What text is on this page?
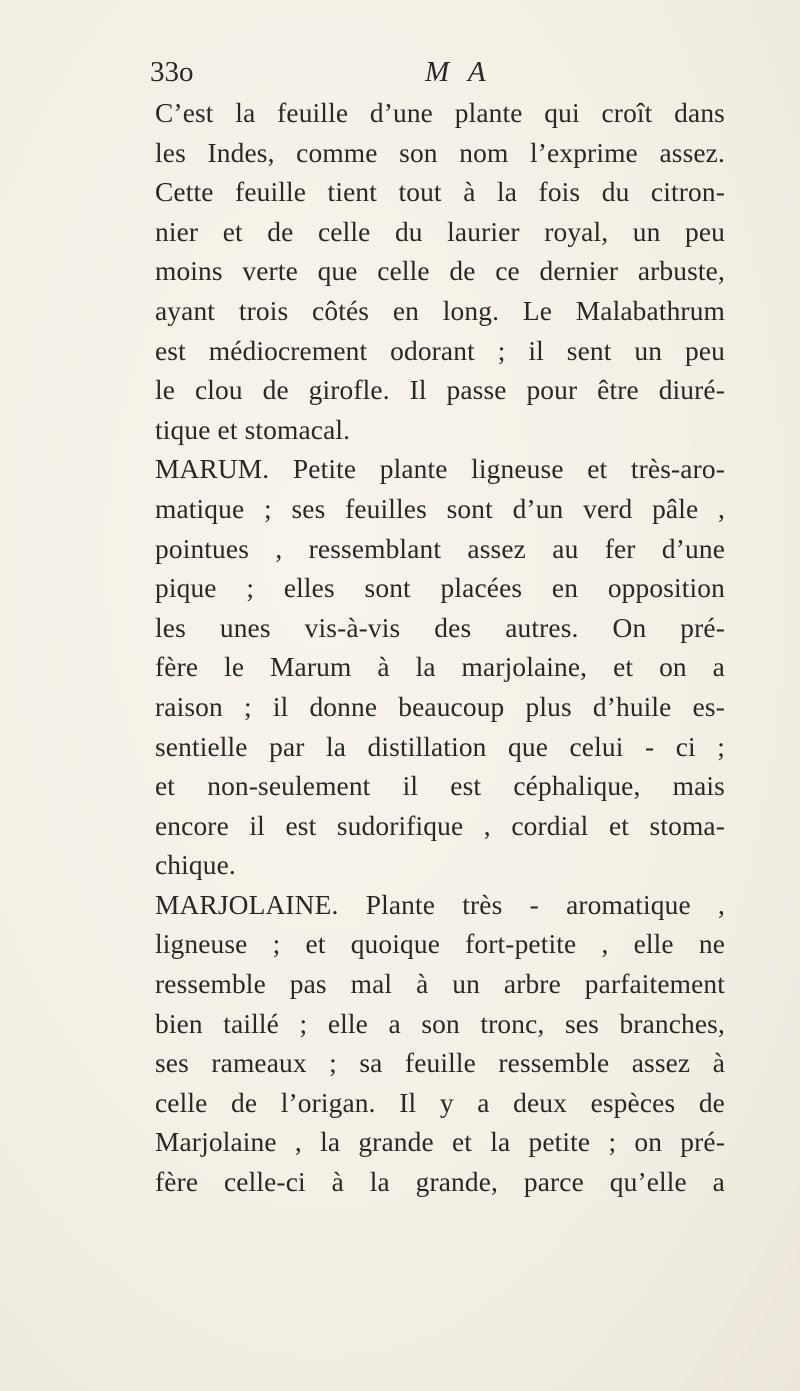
33o	M A
C’est la feuille d’une plante qui croît dans
les Indes, comme son nom l’exprime assez.
Cette feuille tient tout à la fois du citron-
nier et de celle du laurier royal, un peu
moins verte que celle de ce dernier arbuste,
ayant trois côtés en long. Le Malabathrum
est médiocrement odorant ; il sent un peu
le clou de girofle. Il passe pour être diuré-
tique et stomacal.
MARUM. Petite plante ligneuse et très-aro-
matique ; ses feuilles sont d’un verd pâle ,
pointues , ressemblant assez au fer d’une
pique ; elles sont placées en opposition
les unes vis-à-vis des autres. On pré-
fère le Marum à la marjolaine, et on a
raison ; il donne beaucoup plus d’huile es-
sentielle par la distillation que celui - ci ;
et non-seulement il est céphalique, mais
encore il est sudorifique , cordial et stoma-
chique.
MARJOLAINE. Plante très - aromatique ,
ligneuse ; et quoique fort-petite , elle ne
ressemble pas mal à un arbre parfaitement
bien taillé ; elle a son tronc, ses branches,
ses rameaux ; sa feuille ressemble assez à
celle de l’origan. Il y a deux espèces de
Marjolaine , la grande et la petite ; on pré-
fère celle-ci à la grande, parce qu’elle a
